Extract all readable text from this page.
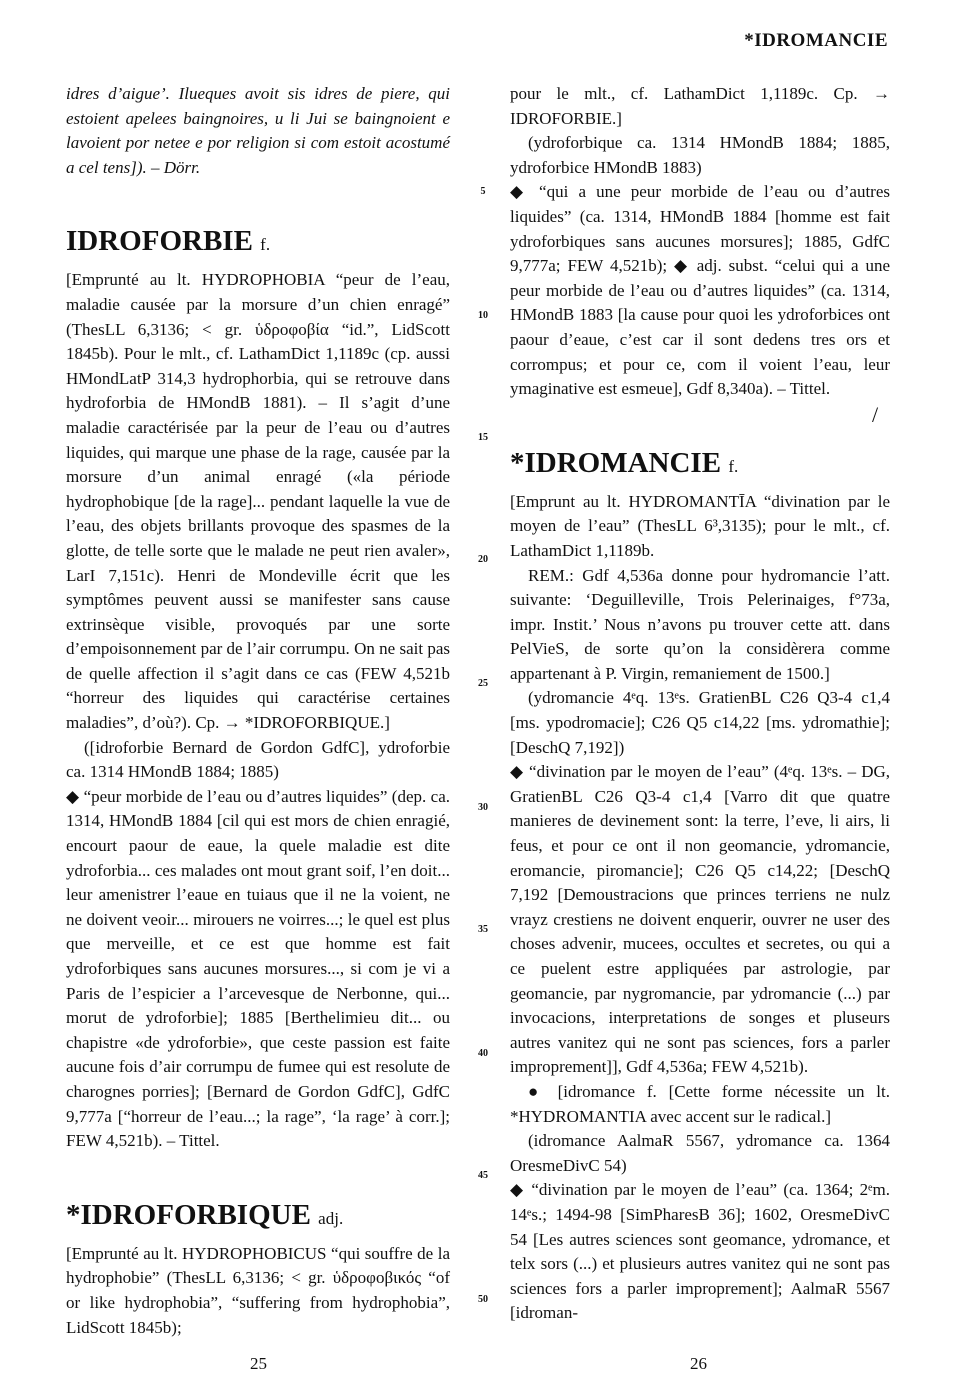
*IDROMANCIE

idres d’aigue’. Ilueques avoit sis idres de piere, qui estoient apelees baingnoires, u li Jui se baingnoient e lavoient por netee e por religion si com estoit acostumé a cel tens]). – Dörr.

IDROFORBIE f.

[Emprunté au lt. HYDROPHOBIA “peur de l’eau, maladie causée par la morsure d’un chien enragé” (ThesLL 6,3136; < gr. ὑδροφοβία “id.”, LidScott 1845b). Pour le mlt., cf. LathamDict 1,1189c (cp. aussi HMondLatP 314,3 hydrophorbia, qui se retrouve dans hydroforbia de HMondB 1881). – Il s’agit d’une maladie caractérisée par la peur de l’eau ou d’autres liquides, qui marque une phase de la rage, causée par la morsure d’un animal enragé («la période hydrophobique [de la rage]... pendant laquelle la vue de l’eau, des objets brillants provoque des spasmes de la glotte, de telle sorte que le malade ne peut rien avaler», LarI 7,151c). Henri de Mondeville écrit que les symptômes peuvent aussi se manifester sans cause extrinsèque visible, provoqués par une sorte d’empoisonnement par de l’air corrumpu. On ne sait pas de quelle affection il s’agit dans ce cas (FEW 4,521b “horreur des liquides qui caractérise certaines maladies”, d’où?). Cp. → *IDROFORBIQUE.]

([idroforbie Bernard de Gordon GdfC], ydroforbie ca. 1314 HMondB 1884; 1885)

◆ “peur morbide de l’eau ou d’autres liquides” (dep. ca. 1314, HMondB 1884 [cil qui est mors de chien enragié, encourt paour de eaue, la quele maladie est dite ydroforbia... ces malades ont mout grant soif, l’en doit... leur amenistrer l’eaue en tuiaus que il ne la voient, ne ne doivent veoir... mirouers ne voirres...; le quel est plus que merveille, et ce est que homme est fait ydroforbiques sans aucunes morsures..., si com je vi a Paris de l’espicier a l’arcevesque de Nerbonne, qui... morut de ydroforbie]; 1885 [Berthelimieu dit... ou chapistre «de ydroforbie», que ceste passion est faite aucune fois d’air corrumpu de fumee qui est resolute de charognes porries]; [Bernard de Gordon GdfC], GdfC 9,777a [“horreur de l’eau...; la rage”, ‘la rage’ à corr.]; FEW 4,521b). – Tittel.

*IDROFORBIQUE adj.

[Emprunté au lt. HYDROPHOBICUS “qui souffre de la hydrophobie” (ThesLL 6,3136; < gr. ὑδροφοβικός “of or like hydrophobia”, “suffering from hydrophobia”, LidScott 1845b);

5
10
15
20
25
30
35
40
45
50

pour le mlt., cf. LathamDict 1,1189c. Cp. → IDROFORBIE.]

(ydroforbique ca. 1314 HMondB 1884; 1885, ydroforbice HMondB 1883)

◆ “qui a une peur morbide de l’eau ou d’autres liquides” (ca. 1314, HMondB 1884 [homme est fait ydroforbiques sans aucunes morsures]; 1885, GdfC 9,777a; FEW 4,521b); ◆ adj. subst. “celui qui a une peur morbide de l’eau ou d’autres liquides” (ca. 1314, HMondB 1883 [la cause pour quoi les ydroforbices ont paour d’eaue, c’est car il sont dedens tres ors et corrompus; et pour ce, com il voient l’eau, leur ymaginative est esmeue], Gdf 8,340a). – Tittel.

*IDROMANCIE f.

[Emprunt au lt. HYDROMANTĪA “divination par le moyen de l’eau” (ThesLL 6³,3135); pour le mlt., cf. LathamDict 1,1189b.

REM.: Gdf 4,536a donne pour hydromancie l’att. suivante: ‘Deguilleville, Trois Pelerinaiges, f°73a, impr. Instit.’ Nous n’avons pu trouver cette att. dans PelVieS, de sorte qu’on la considèrera comme appartenant à P. Virgin, remaniement de 1500.]

(ydromancie 4ᵉq. 13ᵉs. GratienBL C26 Q3-4 c1,4 [ms. ypodromacie]; C26 Q5 c14,22 [ms. ydromathie]; [DeschQ 7,192])

◆ “divination par le moyen de l’eau” (4ᵉq. 13ᵉs. – DG, GratienBL C26 Q3-4 c1,4 [Varro dit que quatre manieres de devinement sont: la terre, l’eve, li airs, li feus, et pour ce ont il non geomancie, ydromancie, eromancie, piromancie]; C26 Q5 c14,22; [DeschQ 7,192 [Demoustracions que princes terriens ne nulz vrayz crestiens ne doivent enquerir, ouvrer ne user des choses advenir, mucees, occultes et secretes, ou qui a ce puelent estre appliquées par astrologie, par geomancie, par nygromancie, par ydromancie (...) par invocacions, interpretations de songes et pluseurs autres vanitez qui ne sont pas sciences, fors a parler improprement]], Gdf 4,536a; FEW 4,521b).

● [idromance f. [Cette forme nécessite un lt. *HYDROMANTIA avec accent sur le radical.]

(idromance AalmaR 5567, ydromance ca. 1364 OresmeDivC 54)

◆ “divination par le moyen de l’eau” (ca. 1364; 2ᵉm. 14ᵉs.; 1494-98 [SimPharesB 36]; 1602, OresmeDivC 54 [Les autres sciences sont geomance, ydromance, et telx sors (...) et plusieurs autres vanitez qui ne sont pas sciences fors a parler improprement]; AalmaR 5567 [idroman-

/
25	26
